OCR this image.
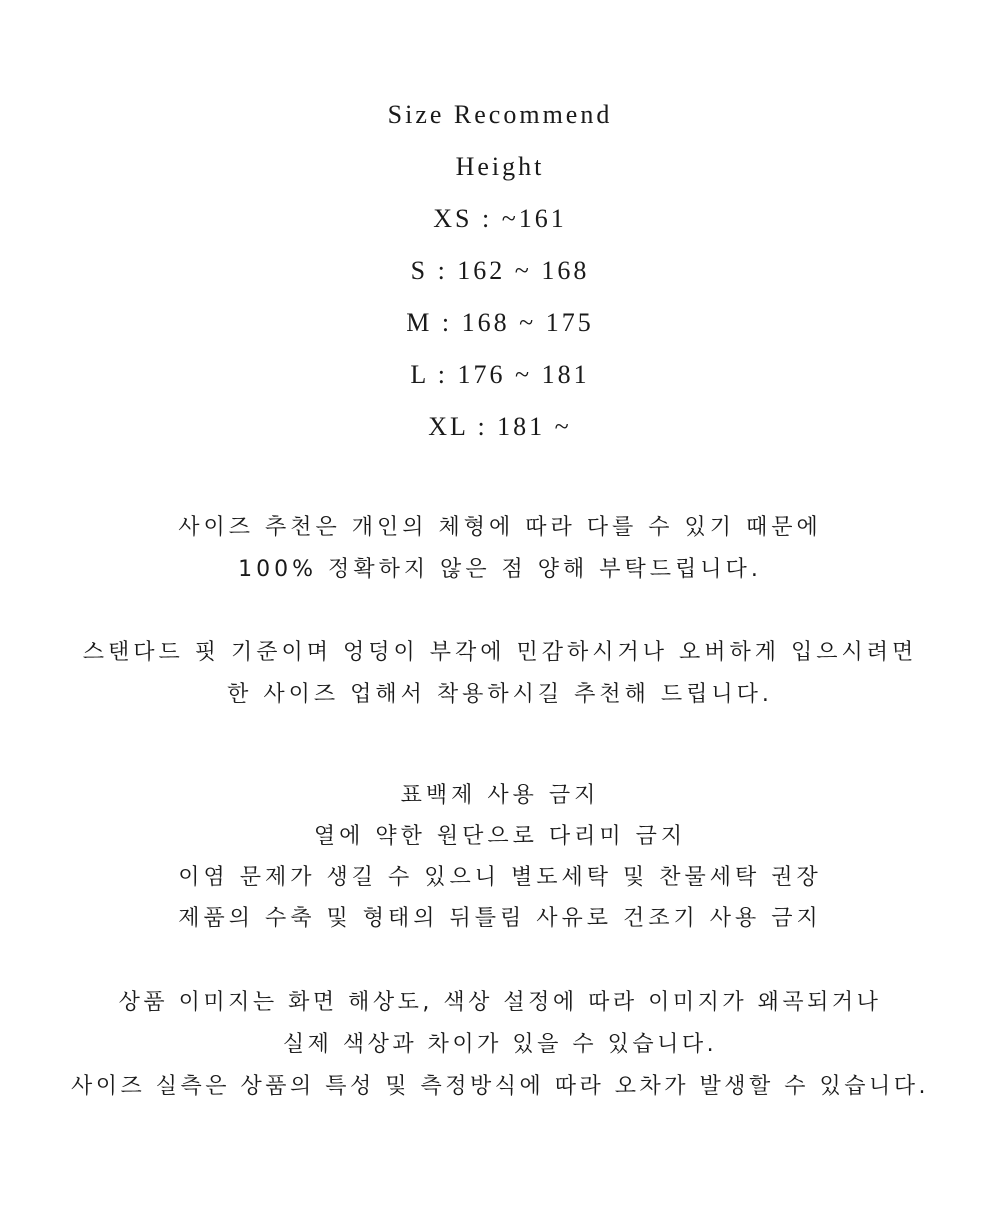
Size Recommend
Height
XS : ~161
S : 162 ~ 168
M : 168 ~ 175
L : 176 ~ 181
XL : 181 ~
사이즈 추천은 개인의 체형에 따라 다를 수 있기 때문에
100% 정확하지 않은 점 양해 부탁드립니다.
스탠다드 핏 기준이며 엉덩이 부각에 민감하시거나 오버하게 입으시려면
한 사이즈 업해서 착용하시길 추천해 드립니다.
표백제 사용 금지
열에 약한 원단으로 다리미 금지
이염 문제가 생길 수 있으니 별도세탁 및 찬물세탁 권장
제품의 수축 및 형태의 뒤틀림 사유로 건조기 사용 금지
상품 이미지는 화면 해상도, 색상 설정에 따라 이미지가 왜곡되거나
실제 색상과 차이가 있을 수 있습니다.
사이즈 실측은 상품의 특성 및 측정방식에 따라 오차가 발생할 수 있습니다.
